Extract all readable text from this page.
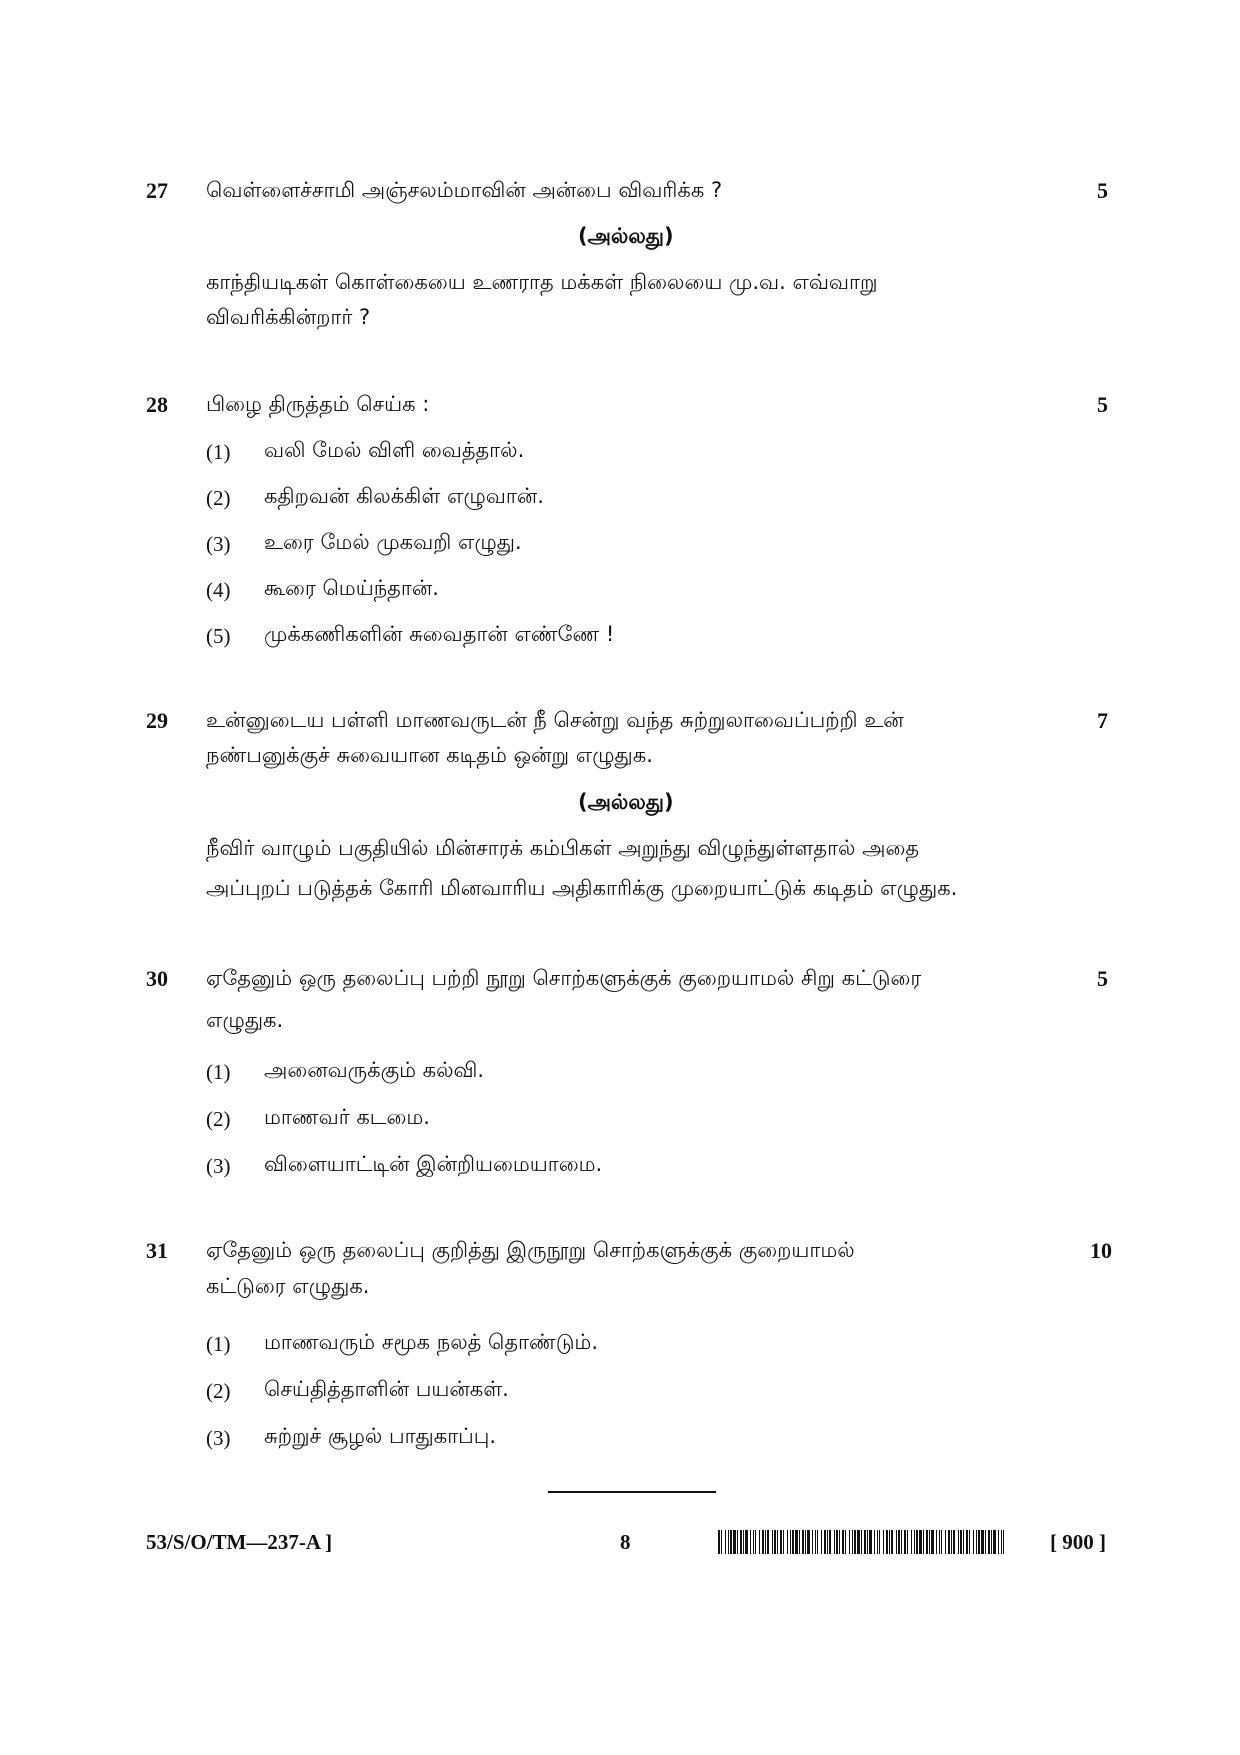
27 வெள்ளைச்சாமி அஞ்சலம்மாவின் அன்பை விவரிக்க ?	5
(அல்லது)
காந்தியடிகள் கொள்கையை உணராத மக்கள் நிலையை மு.வ. எவ்வாறு
விவரிக்கின்றார் ?
28 பிழை திருத்தம் செய்க :	5
(1) வலி மேல் விளி வைத்தால்.
(2) கதிறவன் கிலக்கிள் எழுவான்.
(3) உரை மேல் முகவறி எழுது.
(4) கூரை மெய்ந்தான்.
(5) முக்கணிகளின் சுவைதான் எண்ணே !
29 உன்னுடைய பள்ளி மாணவருடன் நீ சென்று வந்த சுற்றுலாவைப்பற்றி உன்	7
நண்பனுக்குச் சுவையான கடிதம் ஒன்று எழுதுக.
(அல்லது)
நீவிர் வாழும் பகுதியில் மின்சாரக் கம்பிகள் அறுந்து விழுந்துள்ளதால் அதை
அப்புறப் படுத்தக் கோரி மினவாரிய அதிகாரிக்கு முறையாட்டுக் கடிதம் எழுதுக.
30 ஏதேனும் ஒரு தலைப்பு பற்றி நூறு சொற்களுக்குக் குறையாமல் சிறு கட்டுரை	5
எழுதுக.
(1) அனைவருக்கும் கல்வி.
(2) மாணவர் கடமை.
(3) விளையாட்டின் இன்றியமையாமை.
31 ஏதேனும் ஒரு தலைப்பு குறித்து இருநூறு சொற்களுக்குக் குறையாமல்	10
கட்டுரை எழுதுக.
(1) மாணவரும் சமூக நலத் தொண்டும்.
(2) செய்தித்தாளின் பயன்கள்.
(3) சுற்றுச் சூழல் பாதுகாப்பு.
53/S/O/TM—237-A ]	8	[ 900 ]
